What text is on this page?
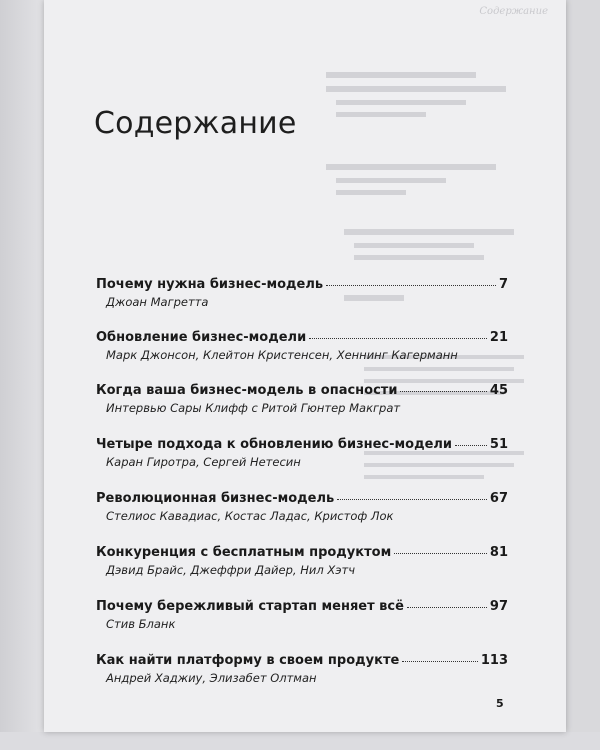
Содержание
Содержание
Почему нужна бизнес-модель	7
Джоан Магретта
Обновление бизнес-модели	21
Марк Джонсон, Клейтон Кристенсен, Хеннинг Кагерманн
Когда ваша бизнес-модель в опасности	45
Интервью Сары Клифф с Ритой Гюнтер Макграт
Четыре подхода к обновлению бизнес-модели	51
Каран Гиротра, Сергей Нетесин
Революционная бизнес-модель	67
Стелиос Кавадиас, Костас Ладас, Кристоф Лок
Конкуренция с бесплатным продуктом	81
Дэвид Брайс, Джеффри Дайер, Нил Хэтч
Почему бережливый стартап меняет всё	97
Стив Бланк
Как найти платформу в своем продукте	113
Андрей Хаджиу, Элизабет Олтман
5
